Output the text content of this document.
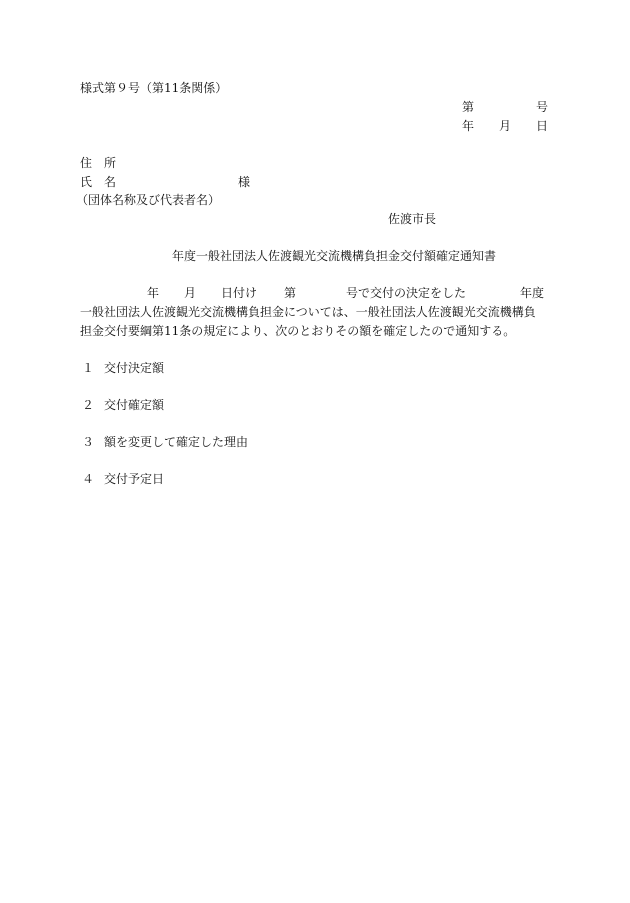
様式第９号（第11条関係）
第	号
年 月 日
住　所
氏　名	様
（団体名称及び代表者名）
佐渡市長
年度一般社団法人佐渡観光交流機構負担金交付額確定通知書
年 月 日付け 第	号で交付の決定をした	年度
一般社団法人佐渡観光交流機構負担金については、一般社団法人佐渡観光交流機構負
担金交付要綱第11条の規定により、次のとおりその額を確定したので通知する。
１ 交付決定額
２ 交付確定額
３ 額を変更して確定した理由
４ 交付予定日
